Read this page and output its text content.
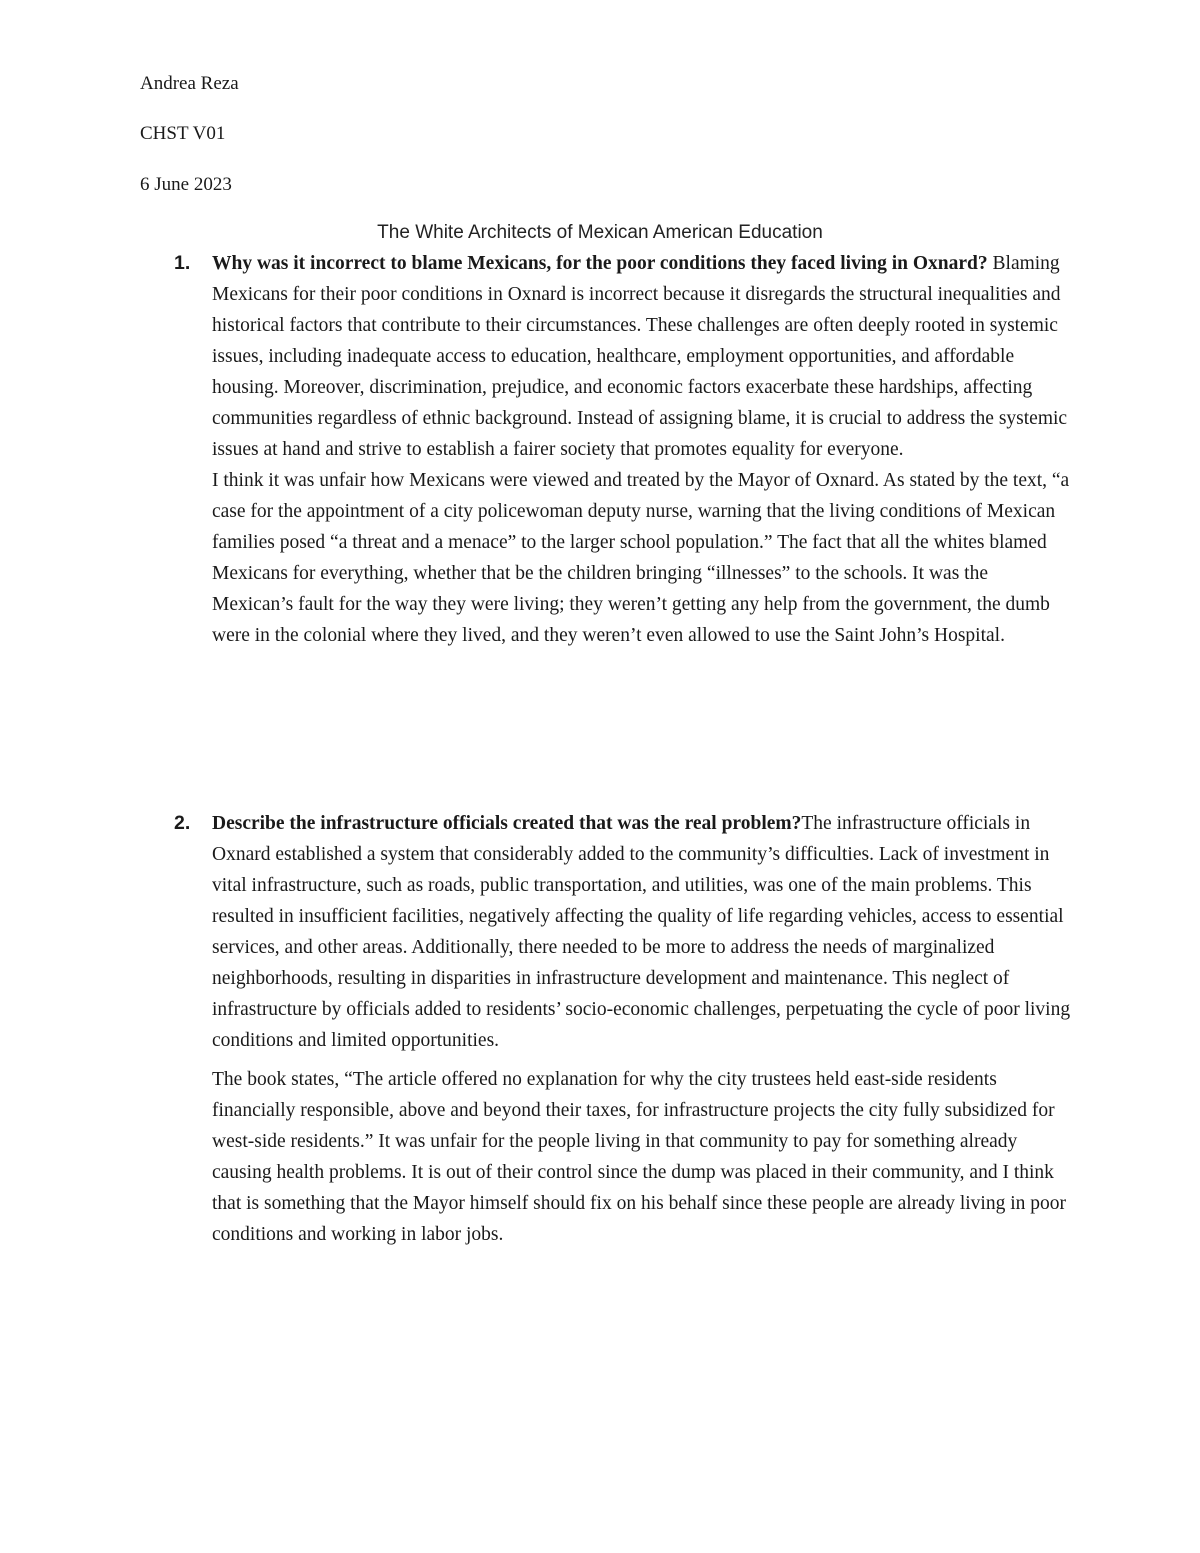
Andrea Reza
CHST V01
6 June 2023
The White Architects of Mexican American Education
1. Why was it incorrect to blame Mexicans, for the poor conditions they faced living in Oxnard? Blaming Mexicans for their poor conditions in Oxnard is incorrect because it disregards the structural inequalities and historical factors that contribute to their circumstances. These challenges are often deeply rooted in systemic issues, including inadequate access to education, healthcare, employment opportunities, and affordable housing. Moreover, discrimination, prejudice, and economic factors exacerbate these hardships, affecting communities regardless of ethnic background. Instead of assigning blame, it is crucial to address the systemic issues at hand and strive to establish a fairer society that promotes equality for everyone.

I think it was unfair how Mexicans were viewed and treated by the Mayor of Oxnard. As stated by the text, “a case for the appointment of a city policewoman deputy nurse, warning that the living conditions of Mexican families posed “a threat and a menace” to the larger school population.” The fact that all the whites blamed Mexicans for everything, whether that be the children bringing “illnesses” to the schools. It was the Mexican’s fault for the way they were living; they weren’t getting any help from the government, the dumb were in the colonial where they lived, and they weren’t even allowed to use the Saint John’s Hospital.

2. Describe the infrastructure officials created that was the real problem?The infrastructure officials in Oxnard established a system that considerably added to the community’s difficulties. Lack of investment in vital infrastructure, such as roads, public transportation, and utilities, was one of the main problems. This resulted in insufficient facilities, negatively affecting the quality of life regarding vehicles, access to essential services, and other areas. Additionally, there needed to be more to address the needs of marginalized neighborhoods, resulting in disparities in infrastructure development and maintenance. This neglect of infrastructure by officials added to residents’ socio-economic challenges, perpetuating the cycle of poor living conditions and limited opportunities.

The book states, “The article offered no explanation for why the city trustees held east-side residents financially responsible, above and beyond their taxes, for infrastructure projects the city fully subsidized for west-side residents.” It was unfair for the people living in that community to pay for something already causing health problems. It is out of their control since the dump was placed in their community, and I think that is something that the Mayor himself should fix on his behalf since these people are already living in poor conditions and working in labor jobs.
